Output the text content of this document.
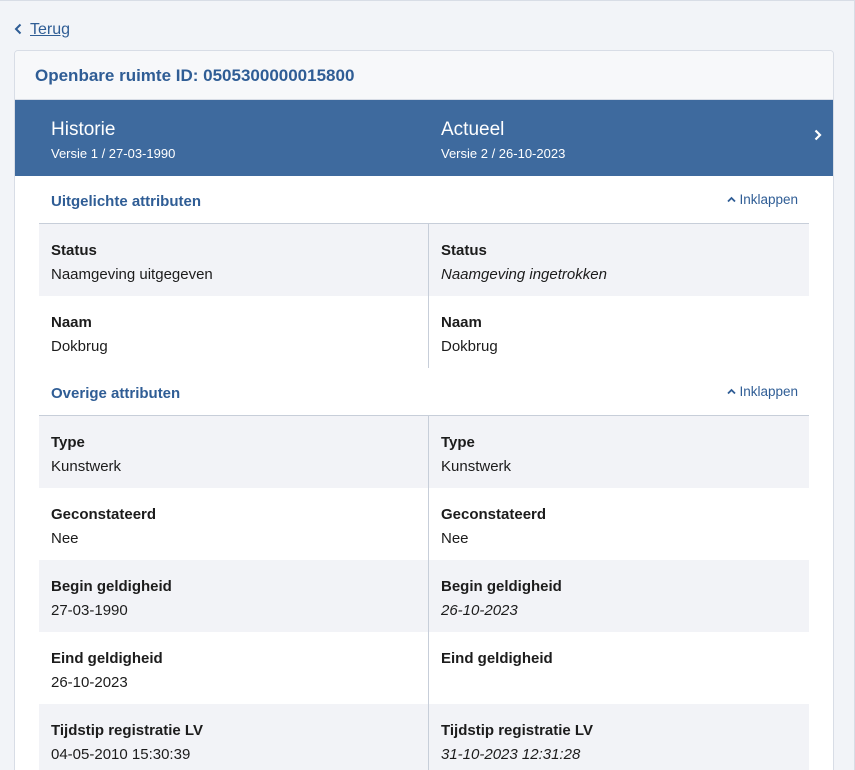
Terug
Openbare ruimte ID: 0505300000015800
Historie
Versie 1 / 27-03-1990
Actueel
Versie 2 / 26-10-2023
Uitgelichte attributen	Inklappen
Status
Naamgeving uitgegeven
Status
Naamgeving ingetrokken
Naam
Dokbrug
Naam
Dokbrug
Overige attributen	Inklappen
Type
Kunstwerk
Type
Kunstwerk
Geconstateerd
Nee
Geconstateerd
Nee
Begin geldigheid
27-03-1990
Begin geldigheid
26-10-2023
Eind geldigheid
26-10-2023
Eind geldigheid
Tijdstip registratie LV
04-05-2010 15:30:39
Tijdstip registratie LV
31-10-2023 12:31:28
